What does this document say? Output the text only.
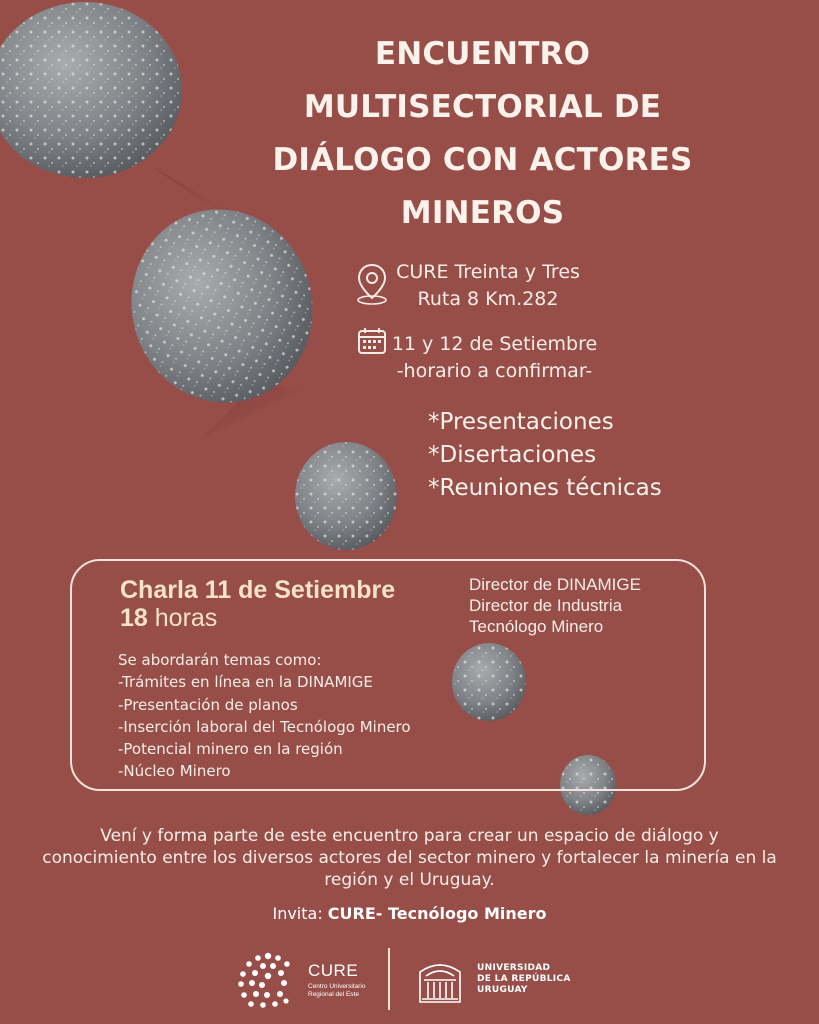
ENCUENTRO
MULTISECTORIAL DE
DIÁLOGO CON ACTORES
MINEROS
CURE Treinta y Tres
Ruta 8 Km.282
11 y 12 de Setiembre
-horario a confirmar-
*Presentaciones
*Disertaciones
*Reuniones técnicas
Charla 11 de Setiembre
18 horas
Director de DINAMIGE
Director de Industria
Tecnólogo Minero
Se abordarán temas como:
-Trámites en línea en la DINAMIGE
-Presentación de planos
-Inserción laboral del Tecnólogo Minero
-Potencial minero en la región
-Núcleo Minero
Vení y forma parte de este encuentro para crear un espacio de diálogo y
conocimiento entre los diversos actores del sector minero y fortalecer la minería en la
región y el Uruguay.
Invita: CURE- Tecnólogo Minero
CURE
Centro Universitario
Regional del Este
UNIVERSIDAD
DE LA REPÚBLICA
URUGUAY
